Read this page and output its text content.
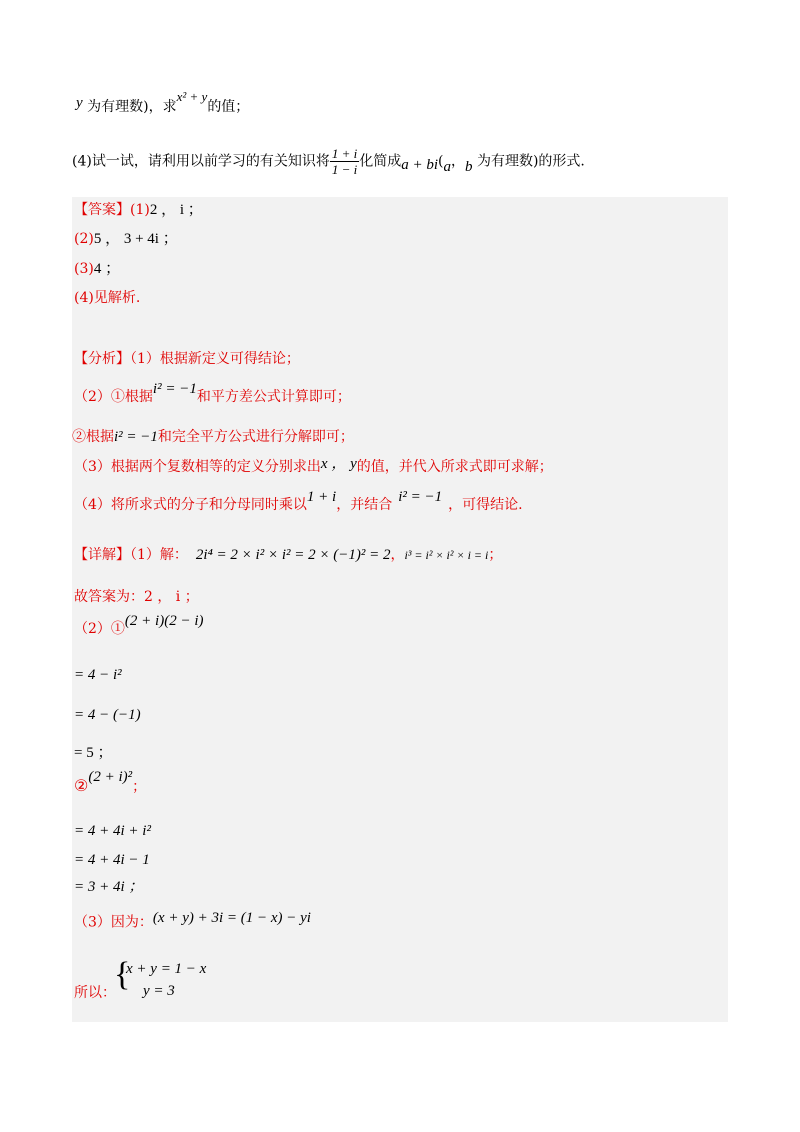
y 为有理数)，求x² + y的值；
(4)试一试，请利用以前学习的有关知识将 $\frac{1 + i}{1 - i}$ 化简成a + bi(a，b 为有理数)的形式.
【答案】(1)2 ， i ；
(2)5 ， 3 + 4i ；
(3)4 ；
(4)见解析.
【分析】（1）根据新定义可得结论；
（2）①根据i² = −1和平方差公式计算即可；
②根据i² = −1和完全平方公式进行分解即可；
（3）根据两个复数相等的定义分别求出x ， y的值，并代入所求式即可求解；
（4）将所求式的分子和分母同时乘以1 + i，并结合 i² = −1 ，可得结论.
【详解】（1）解： 2i⁴ = 2 × i² × i² = 2 × (−1)² = 2，i³ = i² × i² × i = i；
故答案为：2 ， i ；
（2）①(2 + i)(2 − i)
= 4 − i²
= 4 − (−1)
= 5 ；
②(2 + i)²；
= 4 + 4i + i²
= 4 + 4i − 1
= 3 + 4i ；
（3）因为：(x + y) + 3i = (1 − x) − yi
所以：
{
x + y = 1 − x
y = 3
